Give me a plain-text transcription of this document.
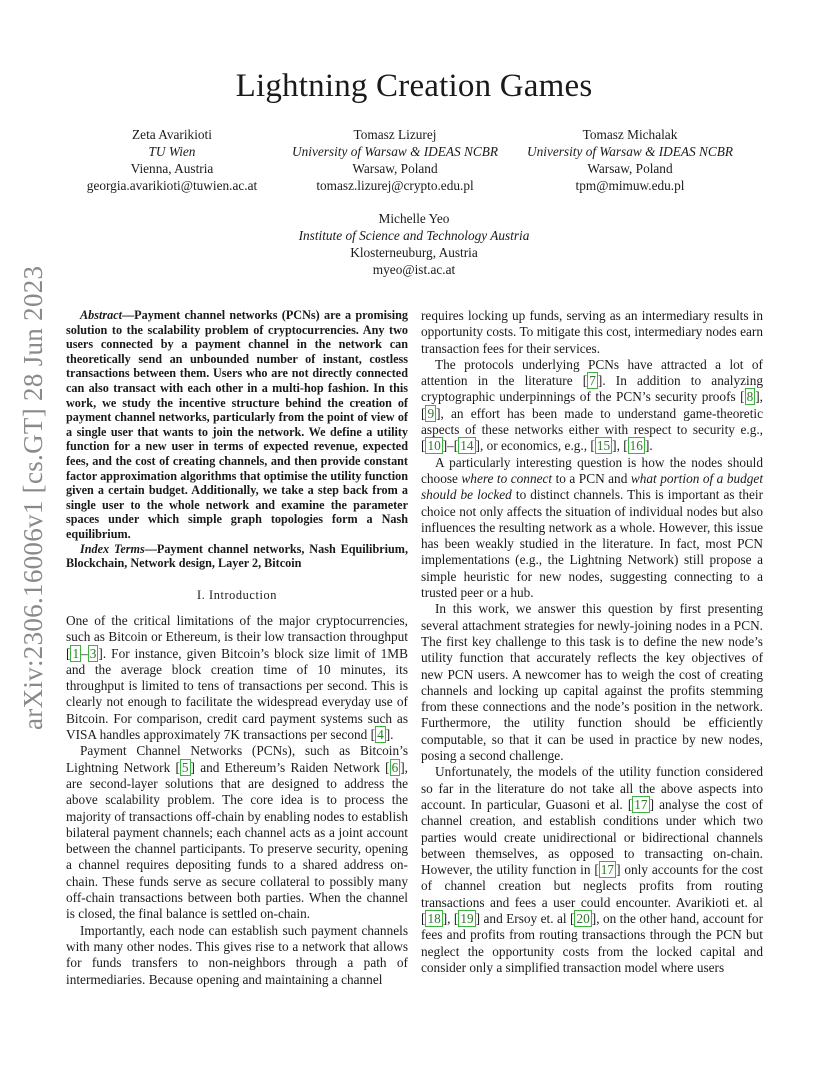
Lightning Creation Games
Zeta Avarikioti
TU Wien
Vienna, Austria
georgia.avarikioti@tuwien.ac.at
Tomasz Lizurej
University of Warsaw & IDEAS NCBR
Warsaw, Poland
tomasz.lizurej@crypto.edu.pl
Tomasz Michalak
University of Warsaw & IDEAS NCBR
Warsaw, Poland
tpm@mimuw.edu.pl
Michelle Yeo
Institute of Science and Technology Austria
Klosterneuburg, Austria
myeo@ist.ac.at
arXiv:2306.16006v1 [cs.GT] 28 Jun 2023	Abstract—Payment channel networks (PCNs) are a promising solution to the scalability problem of cryptocurrencies. Any two users connected by a payment channel in the network can theoretically send an unbounded number of instant, costless transactions between them. Users who are not directly connected can also transact with each other in a multi-hop fashion. In this work, we study the incentive structure behind the creation of payment channel networks, particularly from the point of view of a single user that wants to join the network. We define a utility function for a new user in terms of expected revenue, expected fees, and the cost of creating channels, and then provide constant factor approximation algorithms that optimise the utility function given a certain budget. Additionally, we take a step back from a single user to the whole network and examine the parameter spaces under which simple graph topologies form a Nash equilibrium.

Index Terms—Payment channel networks, Nash Equilibrium, Blockchain, Network design, Layer 2, Bitcoin

I. Introduction

One of the critical limitations of the major cryptocurrencies, such as Bitcoin or Ethereum, is their low transaction throughput [ 1 – 3 ]. For instance, given Bitcoin’s block size limit of 1MB and the average block creation time of 10 minutes, its throughput is limited to tens of transactions per second. This is clearly not enough to facilitate the widespread everyday use of Bitcoin. For comparison, credit card payment systems such as VISA handles approximately 7K transactions per second [ 4 ].

Payment Channel Networks (PCNs), such as Bitcoin’s Lightning Network [ 5 ] and Ethereum’s Raiden Network [ 6 ], are second-layer solutions that are designed to address the above scalability problem. The core idea is to process the majority of transactions off-chain by enabling nodes to establish bilateral payment channels; each channel acts as a joint account between the channel participants. To preserve security, opening a channel requires depositing funds to a shared address on-chain. These funds serve as secure collateral to possibly many off-chain transactions between both parties. When the channel is closed, the final balance is settled on-chain.

Importantly, each node can establish such payment channels with many other nodes. This gives rise to a network that allows for funds transfers to non-neighbors through a path of intermediaries. Because opening and maintaining a channel

requires locking up funds, serving as an intermediary results in opportunity costs. To mitigate this cost, intermediary nodes earn transaction fees for their services.

The protocols underlying PCNs have attracted a lot of attention in the literature [ 7 ]. In addition to analyzing cryptographic underpinnings of the PCN’s security proofs [ 8 ], [ 9 ], an effort has been made to understand game-theoretic aspects of these networks either with respect to security e.g., [ 10 ]–[ 14 ], or economics, e.g., [ 15 ], [ 16 ].

A particularly interesting question is how the nodes should choose where to connect to a PCN and what portion of a budget should be locked to distinct channels. This is important as their choice not only affects the situation of individual nodes but also influences the resulting network as a whole. However, this issue has been weakly studied in the literature. In fact, most PCN implementations (e.g., the Lightning Network) still propose a simple heuristic for new nodes, suggesting connecting to a trusted peer or a hub.

In this work, we answer this question by first presenting several attachment strategies for newly-joining nodes in a PCN. The first key challenge to this task is to define the new node’s utility function that accurately reflects the key objectives of new PCN users. A newcomer has to weigh the cost of creating channels and locking up capital against the profits stemming from these connections and the node’s position in the network. Furthermore, the utility function should be efficiently computable, so that it can be used in practice by new nodes, posing a second challenge.

Unfortunately, the models of the utility function considered so far in the literature do not take all the above aspects into account. In particular, Guasoni et al. [ 17 ] analyse the cost of channel creation, and establish conditions under which two parties would create unidirectional or bidirectional channels between themselves, as opposed to transacting on-chain. However, the utility function in [ 17 ] only accounts for the cost of channel creation but neglects profits from routing transactions and fees a user could encounter. Avarikioti et. al [ 18 ], [ 19 ] and Ersoy et. al [ 20 ], on the other hand, account for fees and profits from routing transactions through the PCN but neglect the opportunity costs from the locked capital and consider only a simplified transaction model where users
